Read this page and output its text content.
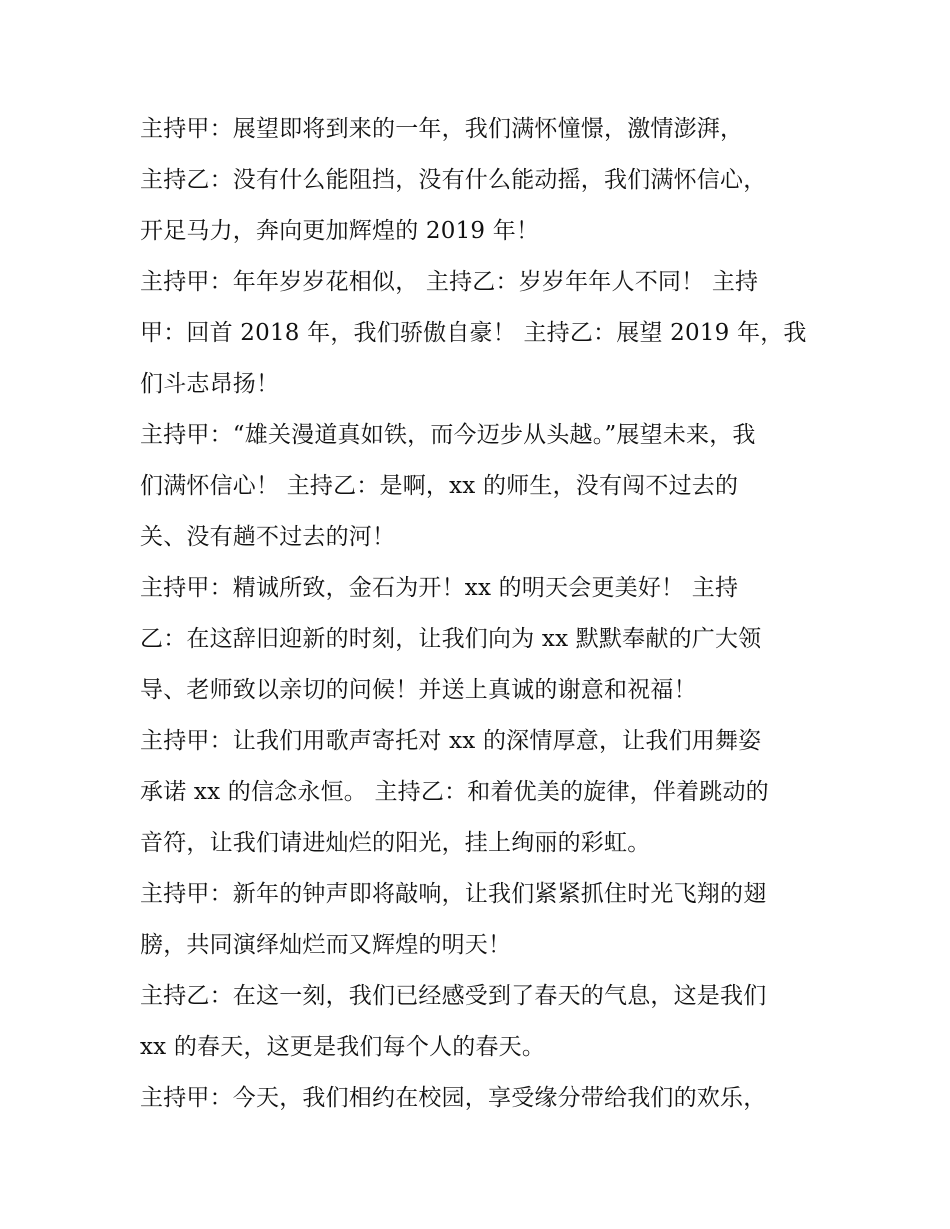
主持甲：展望即将到来的一年，我们满怀憧憬，激情澎湃，
主持乙：没有什么能阻挡，没有什么能动摇，我们满怀信心，
开足马力，奔向更加辉煌的 2019 年！
主持甲：年年岁岁花相似， 主持乙：岁岁年年人不同！ 主持
甲：回首 2018 年，我们骄傲自豪！ 主持乙：展望 2019 年，我
们斗志昂扬！
主持甲：“雄关漫道真如铁，而今迈步从头越。”展望未来，我
们满怀信心！ 主持乙：是啊，xx 的师生，没有闯不过去的
关、没有趟不过去的河！
主持甲：精诚所致，金石为开！xx 的明天会更美好！ 主持
乙：在这辞旧迎新的时刻，让我们向为 xx 默默奉献的广大领
导、老师致以亲切的问候！并送上真诚的谢意和祝福！
主持甲：让我们用歌声寄托对 xx 的深情厚意，让我们用舞姿
承诺 xx 的信念永恒。 主持乙：和着优美的旋律，伴着跳动的
音符，让我们请进灿烂的阳光，挂上绚丽的彩虹。
主持甲：新年的钟声即将敲响，让我们紧紧抓住时光飞翔的翅
膀，共同演绎灿烂而又辉煌的明天！
主持乙：在这一刻，我们已经感受到了春天的气息，这是我们
xx 的春天，这更是我们每个人的春天。
主持甲：今天，我们相约在校园，享受缘分带给我们的欢乐，
